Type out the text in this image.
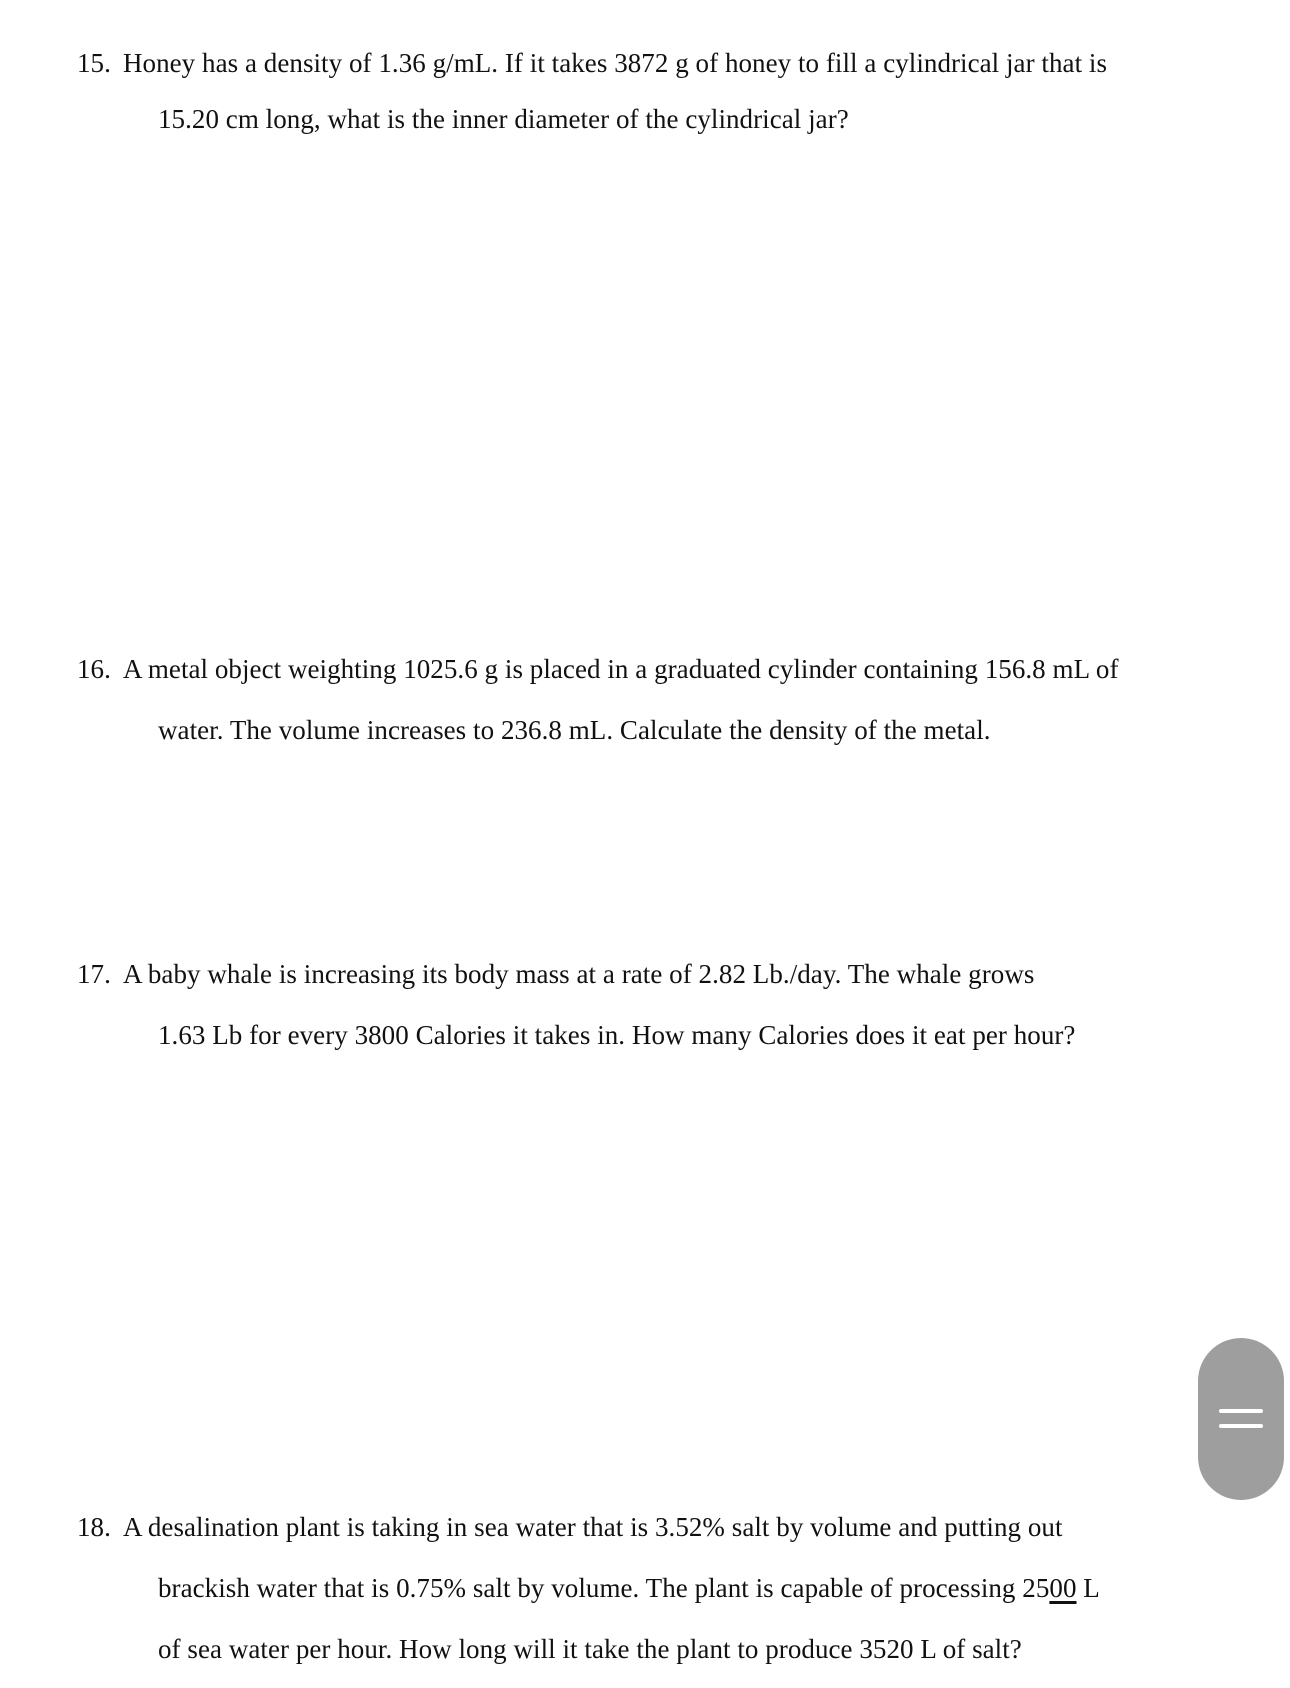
15. Honey has a density of 1.36 g/mL. If it takes 3872 g of honey to fill a cylindrical jar that is
15.20 cm long, what is the inner diameter of the cylindrical jar?
16. A metal object weighting 1025.6 g is placed in a graduated cylinder containing 156.8 mL of
water. The volume increases to 236.8 mL. Calculate the density of the metal.
17. A baby whale is increasing its body mass at a rate of 2.82 Lb./day. The whale grows
1.63 Lb for every 3800 Calories it takes in. How many Calories does it eat per hour?
18. A desalination plant is taking in sea water that is 3.52% salt by volume and putting out
brackish water that is 0.75% salt by volume. The plant is capable of processing 2500 L
of sea water per hour. How long will it take the plant to produce 3520 L of salt?
